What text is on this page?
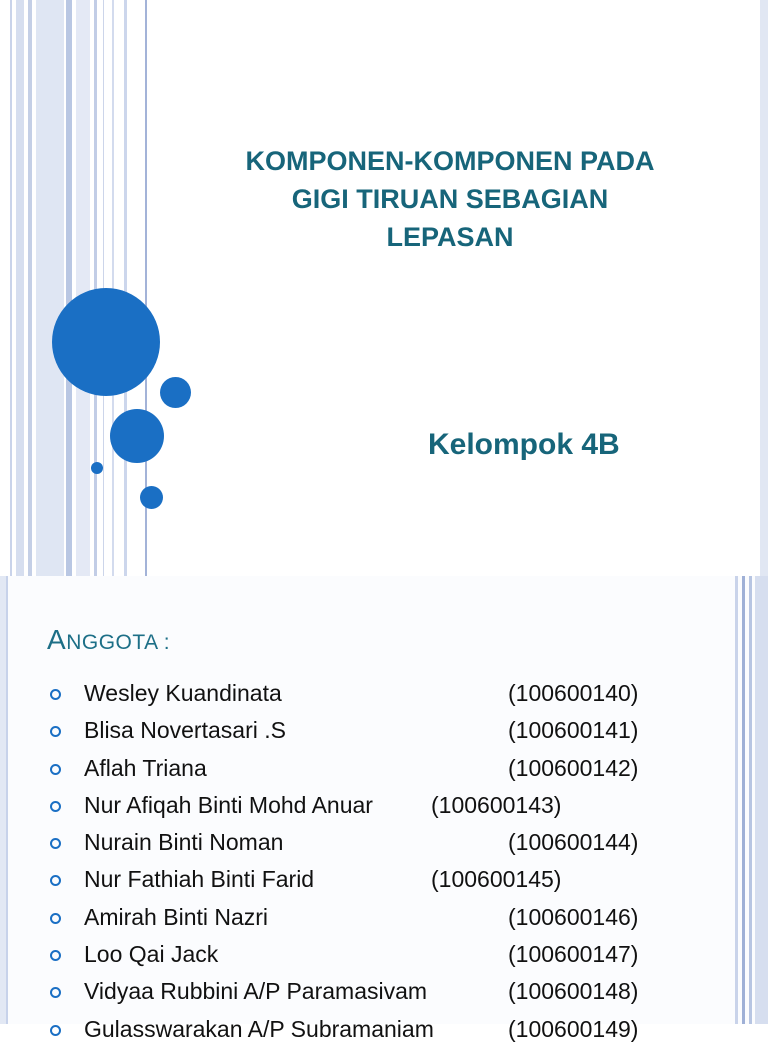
KOMPONEN-KOMPONEN PADA
GIGI TIRUAN SEBAGIAN
LEPASAN
Kelompok 4B
ANGGOTA :
Wesley Kuandinata	(100600140)
Blisa Novertasari .S	(100600141)
Aflah Triana	(100600142)
Nur Afiqah Binti Mohd Anuar	(100600143)
Nurain Binti Noman	(100600144)
Nur Fathiah Binti Farid	(100600145)
Amirah Binti Nazri	(100600146)
Loo Qai Jack	(100600147)
Vidyaa Rubbini A/P Paramasivam	(100600148)
Gulasswarakan A/P Subramaniam	(100600149)
